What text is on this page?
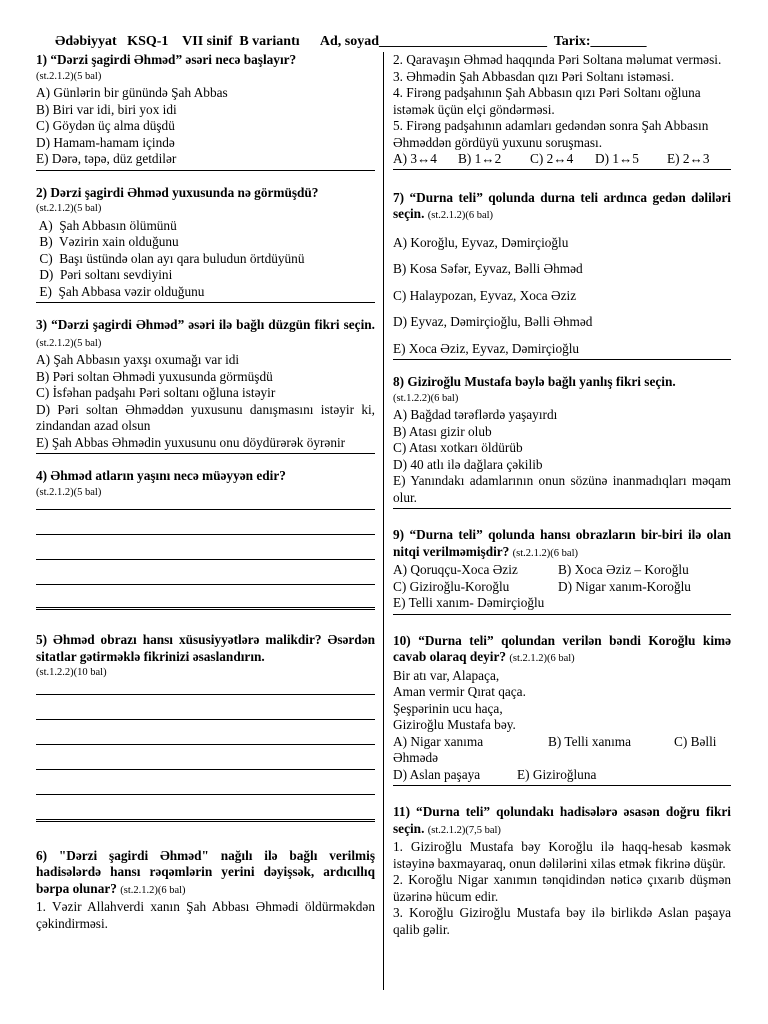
Ədəbiyyat   KSQ-1    VII sinif  B variantı      Ad, soyad________________________  Tarix:________
1) “Dərzi şagirdi Əhməd” əsəri necə başlayır?
(st.2.1.2)(5 bal)
A) Günlərin bir günündə Şah Abbas
B) Biri var idi, biri yox idi
C) Göydən üç alma düşdü
D) Hamam-hamam içində
E) Dərə, təpə, düz getdilər
2) Dərzi şagirdi Əhməd yuxusunda nə görmüşdü?
(st.2.1.2)(5 bal)
A)  Şah Abbasın ölümünü
B)  Vəzirin xain olduğunu
C)  Başı üstündə olan ayı qara buludun örtdüyünü
D)  Pəri soltanı sevdiyini
E)  Şah Abbasa vəzir olduğunu
3) “Dərzi şagirdi Əhməd” əsəri ilə bağlı düzgün fikri seçin. (st.2.1.2)(5 bal)
A) Şah Abbasın yaxşı oxumağı var idi
B) Pəri soltan Əhmədi yuxusunda görmüşdü
C) İsfəhan padşahı Pəri soltanı oğluna istəyir
D) Pəri soltan Əhməddən yuxusunu danışmasını istəyir ki, zindandan azad olsun
E) Şah Abbas Əhmədin yuxusunu onu döydürərək öyrənir
4) Əhməd atların yaşını necə müəyyən edir?
(st.2.1.2)(5 bal)
5) Əhməd obrazı hansı xüsusiyyətlərə malikdir? Əsərdən sitatlar gətirməklə fikrinizi əsaslandırın.
(st.1.2.2)(10 bal)
6) "Dərzi şagirdi Əhməd" nağılı ilə bağlı verilmiş hadisələrdə hansı rəqəmlərin yerini dəyişsək, ardıcıllıq bərpa olunar? (st.2.1.2)(6 bal)
1. Vəzir Allahverdi xanın Şah Abbası Əhmədi öldürməkdən çəkindirməsi.
2. Qaravaşın Əhməd haqqında Pəri Soltana məlumat verməsi.
3. Əhmədin Şah Abbasdan qızı Pəri Soltanı istəməsi.
4. Firəng padşahının Şah Abbasın qızı Pəri Soltanı oğluna istəmək üçün elçi göndərməsi.
5. Firəng padşahının adamları gedəndən sonra Şah Abbasın Əhməddən gördüyü yuxunu soruşması.
A) 3↔4 B) 1↔2 C) 2↔4 D) 1↔5 E) 2↔3
7) “Durna teli” qolunda durna teli ardınca gedən dəliləri seçin. (st.2.1.2)(6 bal)
A) Koroğlu, Eyvaz, Dəmirçioğlu
B) Kosa Səfər, Eyvaz, Bəlli Əhməd
C) Halaypozan, Eyvaz, Xoca Əziz
D) Eyvaz, Dəmirçioğlu, Bəlli Əhməd
E) Xoca Əziz, Eyvaz, Dəmirçioğlu
8) Giziroğlu Mustafa bəylə bağlı yanlış fikri seçin.
(st.1.2.2)(6 bal)
A) Bağdad tərəflərdə yaşayırdı
B) Atası gizir olub
C) Atası xotkarı öldürüb
D) 40 atlı ilə dağlara çəkilib
E) Yanındakı adamlarının onun sözünə inanmadıqları məqam olur.
9) “Durna teli” qolunda hansı obrazların bir-biri ilə olan nitqi verilməmişdir? (st.2.1.2)(6 bal)
A) Qoruqçu-Xoca Əziz	B) Xoca Əziz – Koroğlu
C) Giziroğlu-Koroğlu	D) Nigar xanım-Koroğlu
E) Telli xanım- Dəmirçioğlu
10) “Durna teli” qolundan verilən bəndi Koroğlu kimə cavab olaraq deyir? (st.2.1.2)(6 bal)
Bir atı var, Alapaça,
Aman vermir Qırat qaça.
Şeşpərinin ucu haça,
Giziroğlu Mustafa bəy.
A) Nigar xanıma	B) Telli xanıma	C) Bəlli
Əhmədə
D) Aslan paşaya	E) Giziroğluna
11) “Durna teli” qolundakı hadisələrə əsasən doğru fikri seçin. (st.2.1.2)(7,5 bal)
1. Giziroğlu Mustafa bəy Koroğlu ilə haqq-hesab kəsmək istəyinə baxmayaraq, onun dəlilərini xilas etmək fikrinə düşür.
2. Koroğlu Nigar xanımın tənqidindən nəticə çıxarıb düşmən üzərinə hücum edir.
3. Koroğlu Giziroğlu Mustafa bəy ilə birlikdə Aslan paşaya qalib gəlir.
